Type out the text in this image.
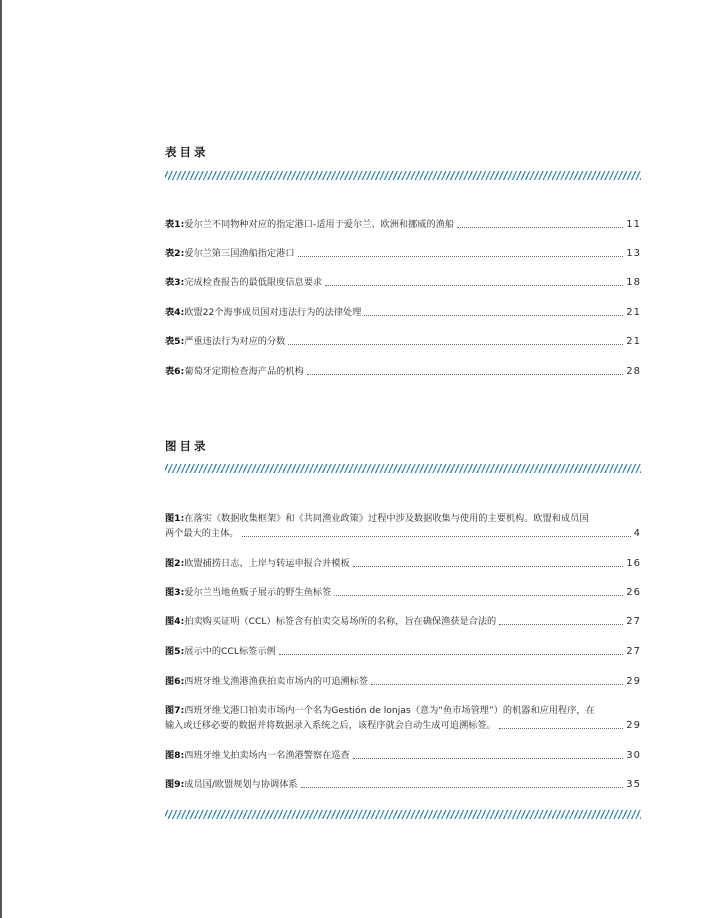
表目录
表1:爱尔兰不同物种对应的指定港口-适用于爱尔兰、欧洲和挪威的渔船	11
表2:爱尔兰第三国渔船指定港口	13
表3:完成检查报告的最低限度信息要求	18
表4:欧盟22个海事成员国对违法行为的法律处理	21
表5:严重违法行为对应的分数	21
表6:葡萄牙定期检查海产品的机构	28
图目录
图1:在落实《数据收集框架》和《共同渔业政策》过程中涉及数据收集与使用的主要机构。欧盟和成员国
两个最大的主体。	4
图2:欧盟捕捞日志、上岸与转运申报合并模板	16
图3:爱尔兰当地鱼贩子展示的野生鱼标签	26
图4:拍卖购买证明（CCL）标签含有拍卖交易场所的名称，旨在确保渔获是合法的	27
图5:展示中的CCL标签示例	27
图6:西班牙维戈渔港渔获拍卖市场内的可追溯标签	29
图7:西班牙维戈港口拍卖市场内一个名为Gestión de lonjas（意为“鱼市场管理”）的机器和应用程序，在
输入或迁移必要的数据并将数据录入系统之后，该程序就会自动生成可追溯标签。	29
图8:西班牙维戈拍卖场内一名渔港警察在巡查	30
图9:成员国/欧盟规划与协调体系	35
